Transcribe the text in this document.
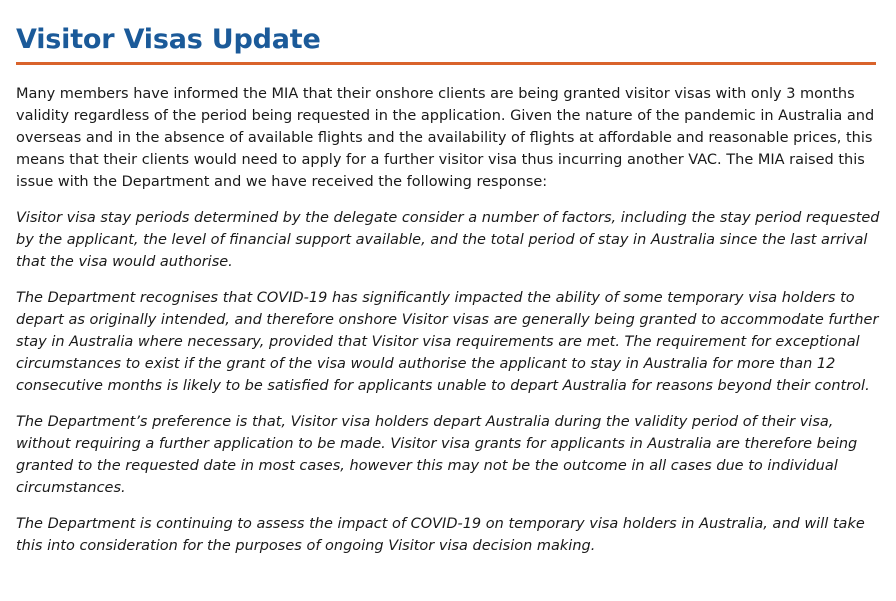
Visitor Visas Update

Many members have informed the MIA that their onshore clients are being granted visitor visas with only 3 months validity regardless of the period being requested in the application. Given the nature of the pandemic in Australia and overseas and in the absence of available flights and the availability of flights at affordable and reasonable prices, this means that their clients would need to apply for a further visitor visa thus incurring another VAC. The MIA raised this issue with the Department and we have received the following response:

Visitor visa stay periods determined by the delegate consider a number of factors, including the stay period requested by the applicant, the level of financial support available, and the total period of stay in Australia since the last arrival that the visa would authorise.

The Department recognises that COVID-19 has significantly impacted the ability of some temporary visa holders to depart as originally intended, and therefore onshore Visitor visas are generally being granted to accommodate further stay in Australia where necessary, provided that Visitor visa requirements are met. The requirement for exceptional circumstances to exist if the grant of the visa would authorise the applicant to stay in Australia for more than 12 consecutive months is likely to be satisfied for applicants unable to depart Australia for reasons beyond their control.

The Department’s preference is that, Visitor visa holders depart Australia during the validity period of their visa, without requiring a further application to be made. Visitor visa grants for applicants in Australia are therefore being granted to the requested date in most cases, however this may not be the outcome in all cases due to individual circumstances.

The Department is continuing to assess the impact of COVID-19 on temporary visa holders in Australia, and will take this into consideration for the purposes of ongoing Visitor visa decision making.
